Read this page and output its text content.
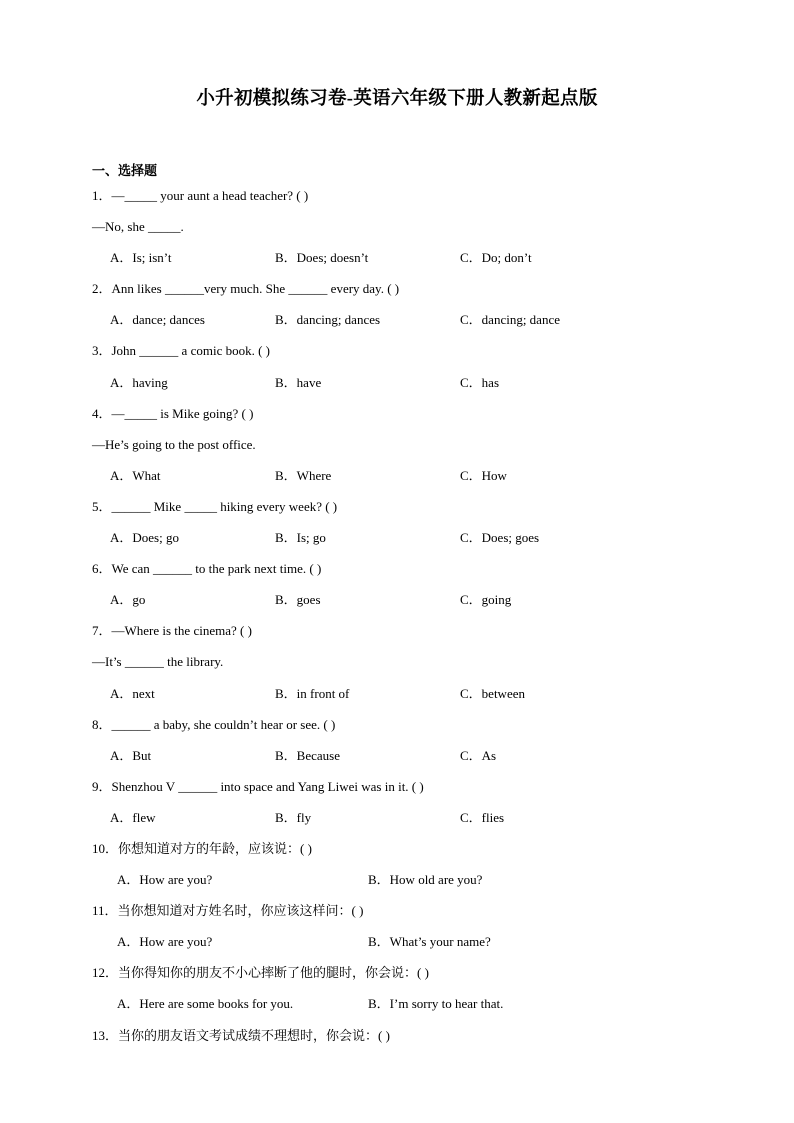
小升初模拟练习卷-英语六年级下册人教新起点版
一、选择题
1．—_____ your aunt a head teacher? ( )
—No, she _____.
A．Is; isn’t	B．Does; doesn’t	C．Do; don’t
2．Ann likes ______very much. She ______ every day. ( )
A．dance; dances	B．dancing; dances	C．dancing; dance
3．John ______ a comic book. ( )
A．having	B．have	C．has
4．—_____ is Mike going? ( )
—He’s going to the post office.
A．What	B．Where	C．How
5．______ Mike _____ hiking every week? ( )
A．Does; go	B．Is; go	C．Does; goes
6．We can ______ to the park next time. ( )
A．go	B．goes	C．going
7．—Where is the cinema? ( )
—It’s ______ the library.
A．next	B．in front of	C．between
8．______ a baby, she couldn’t hear or see. ( )
A．But	B．Because	C．As
9．Shenzhou V ______ into space and Yang Liwei was in it. ( )
A．flew	B．fly	C．flies
10．你想知道对方的年龄，应该说：( )
A．How are you?	B．How old are you?
11．当你想知道对方姓名时，你应该这样问：( )
A．How are you?	B．What’s your name?
12．当你得知你的朋友不小心摔断了他的腿时，你会说：( )
A．Here are some books for you.	B．I’m sorry to hear that.
13．当你的朋友语文考试成绩不理想时，你会说：( )
